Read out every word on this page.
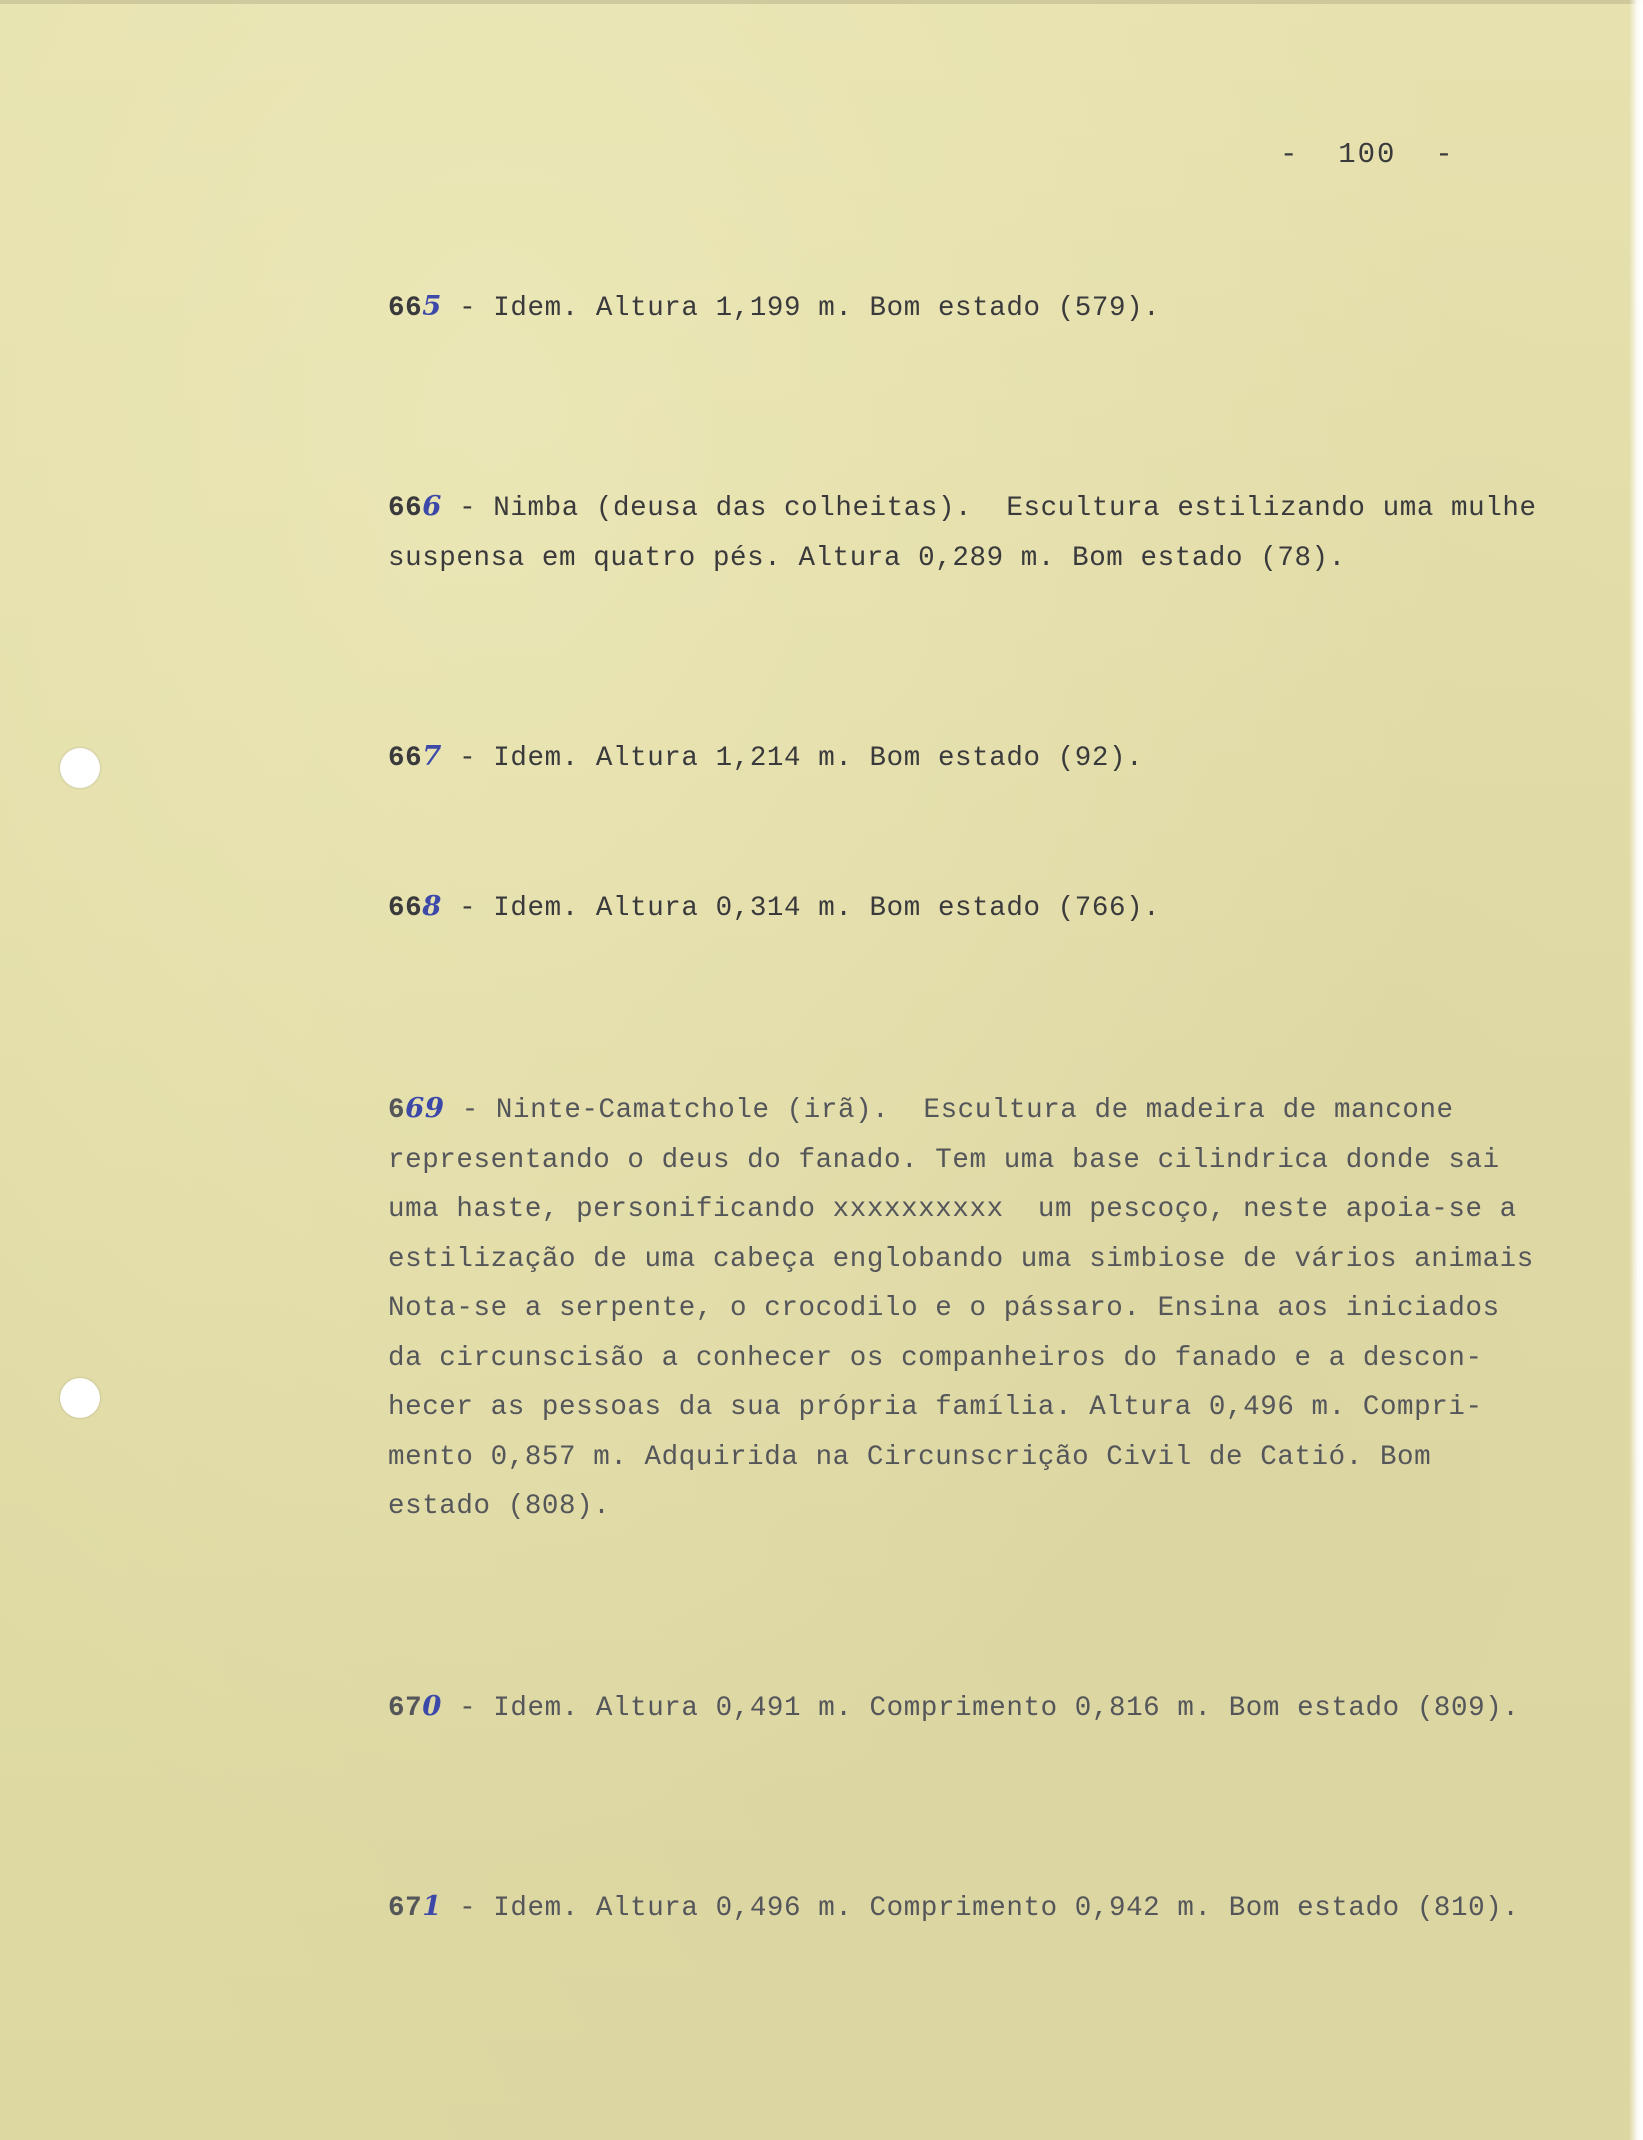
-  100  -

665 - Idem. Altura 1,199 m. Bom estado (579).

666 - Nimba (deusa das colheitas).  Escultura estilizando uma mulhe

suspensa em quatro pés. Altura 0,289 m. Bom estado (78).

667 - Idem. Altura 1,214 m. Bom estado (92).

668 - Idem. Altura 0,314 m. Bom estado (766).

669 - Ninte-Camatchole (irã).  Escultura de madeira de mancone

representando o deus do fanado. Tem uma base cilindrica donde sai

uma haste, personificando xxxxxxxxxx  um pescoço, neste apoia-se a

estilização de uma cabeça englobando uma simbiose de vários animais

Nota-se a serpente, o crocodilo e o pássaro. Ensina aos iniciados

da circunscisão a conhecer os companheiros do fanado e a descon-

hecer as pessoas da sua própria família. Altura 0,496 m. Compri-

mento 0,857 m. Adquirida na Circunscrição Civil de Catió. Bom

estado (808).

670 - Idem. Altura 0,491 m. Comprimento 0,816 m. Bom estado (809).

671 - Idem. Altura 0,496 m. Comprimento 0,942 m. Bom estado (810).
